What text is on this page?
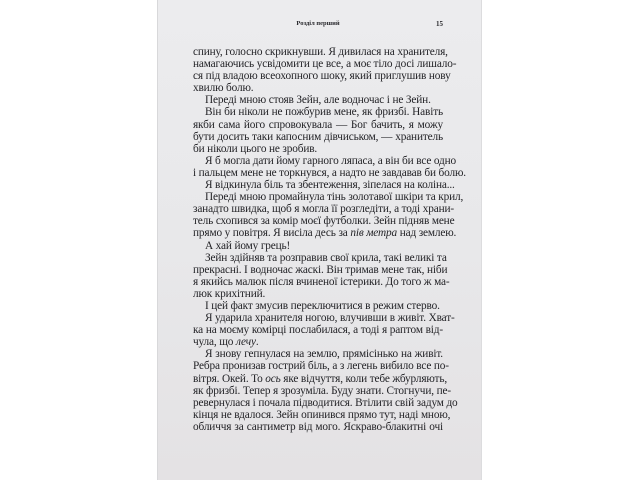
Розділ перший	15
спину, голосно скрикнувши. Я дивилася на хранителя,
намагаючись усвідомити це все, а моє тіло досі лишало-
ся під владою всеохопного шоку, який приглушив нову
хвилю болю.
Переді мною стояв Зейн, але водночас і не Зейн.
Він би ніколи не пожбурив мене, як фризбі. Навіть
якби сама його спровокувала — Бог бачить, я можу
бути досить таки капосним дівчиськом, — хранитель
би ніколи цього не зробив.
Я б могла дати йому гарного ляпаса, а він би все одно
і пальцем мене не торкнувся, а надто не завдавав би болю.
Я відкинула біль та збентеження, зіпелася на коліна...
Переді мною промайнула тінь золотавої шкіри та крил,
занадто швидка, щоб я могла її розгледіти, а тоді храни-
тель схопився за комір моєї футболки. Зейн підняв мене
прямо у повітря. Я висіла десь за пів метра над землею.
А хай йому грець!
Зейн здійняв та розправив свої крила, такі великі та
прекрасні. І водночас жаскі. Він тримав мене так, ніби
я якийсь малюк після вчиненої істерики. До того ж ма-
люк крихітний.
І цей факт змусив переключитися в режим стерво.
Я ударила хранителя ногою, влучивши в живіт. Хват-
ка на моєму комірці послабилася, а тоді я раптом від-
чула, що лечу.
Я знову гепнулася на землю, прямісінько на живіт.
Ребра пронизав гострий біль, а з легень вибило все по-
вітря. Окей. То ось яке відчуття, коли тебе жбурляють,
як фризбі. Тепер я зрозуміла. Буду знати. Стогнучи, пе-
ревернулася і почала підводитися. Втілити свій задум до
кінця не вдалося. Зейн опинився прямо тут, наді мною,
обличчя за сантиметр від мого. Яскраво-блакитні очі
